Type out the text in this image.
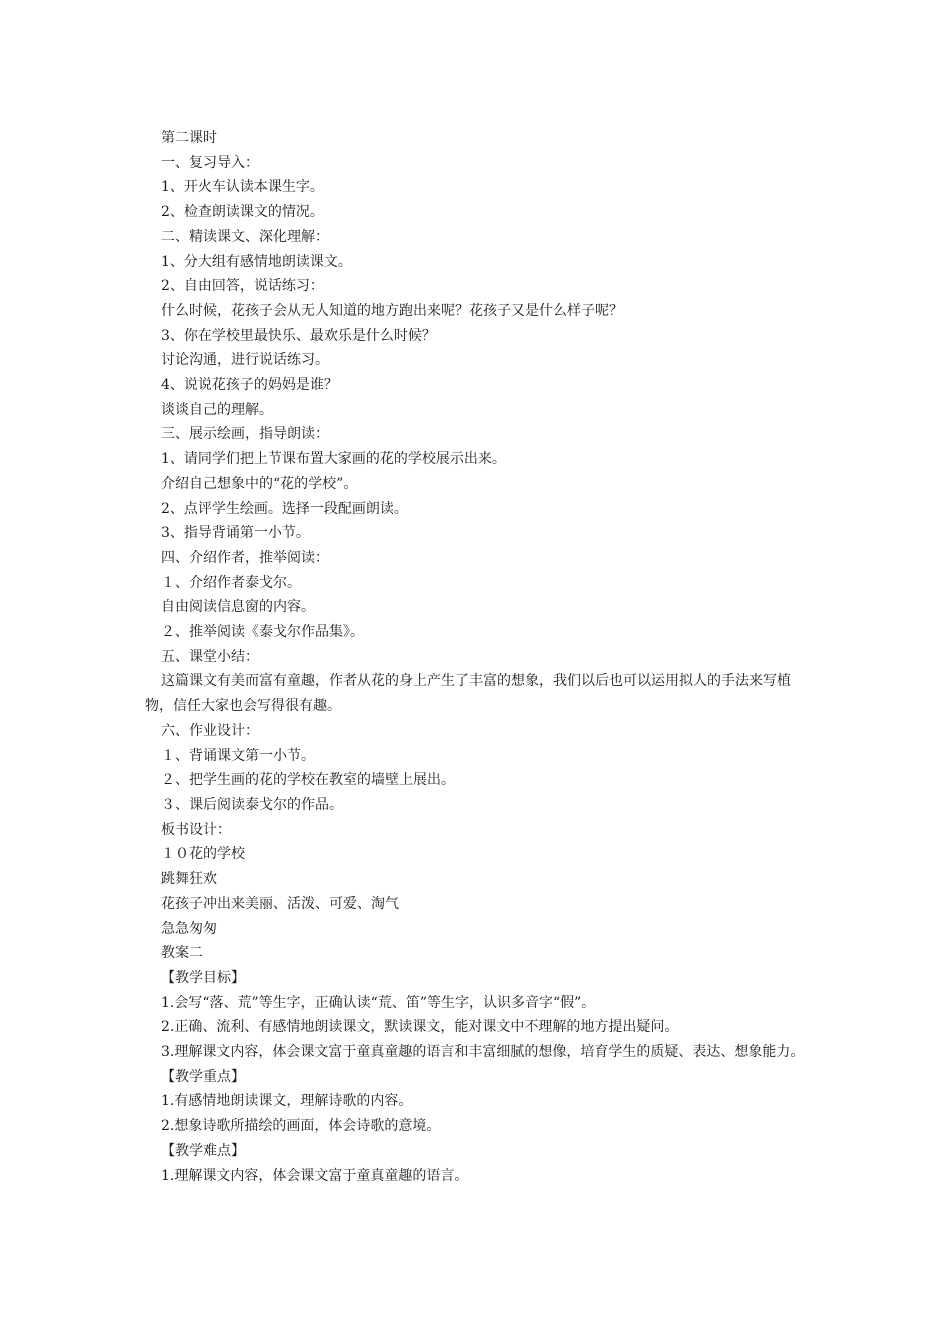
第二课时

一、复习导入：

1、开火车认读本课生字。

2、检查朗读课文的情况。

二、精读课文、深化理解：

1、分大组有感情地朗读课文。

2、自由回答，说话练习：

什么时候，花孩子会从无人知道的地方跑出来呢？花孩子又是什么样子呢？

3、你在学校里最快乐、最欢乐是什么时候？

讨论沟通，进行说话练习。

4、说说花孩子的妈妈是谁？

谈谈自己的理解。

三、展示绘画，指导朗读：

1、请同学们把上节课布置大家画的花的学校展示出来。

介绍自己想象中的“花的学校”。

2、点评学生绘画。选择一段配画朗读。

3、指导背诵第一小节。

四、介绍作者，推举阅读：

１、介绍作者泰戈尔。

自由阅读信息窗的内容。

２、推举阅读《泰戈尔作品集》。

五、课堂小结：

这篇课文有美而富有童趣，作者从花的身上产生了丰富的想象，我们以后也可以运用拟人的手法来写植物，信任大家也会写得很有趣。

六、作业设计：

１、背诵课文第一小节。

２、把学生画的花的学校在教室的墙壁上展出。

３、课后阅读泰戈尔的作品。

板书设计：

１０花的学校

跳舞狂欢

花孩子冲出来美丽、活泼、可爱、淘气

急急匆匆

教案二

【教学目标】

1.会写“落、荒”等生字，正确认读“荒、笛”等生字，认识多音字“假”。

2.正确、流利、有感情地朗读课文，默读课文，能对课文中不理解的地方提出疑问。

3.理解课文内容，体会课文富于童真童趣的语言和丰富细腻的想像，培育学生的质疑、表达、想象能力。

【教学重点】

1.有感情地朗读课文，理解诗歌的内容。

2.想象诗歌所描绘的画面，体会诗歌的意境。

【教学难点】

1.理解课文内容，体会课文富于童真童趣的语言。
